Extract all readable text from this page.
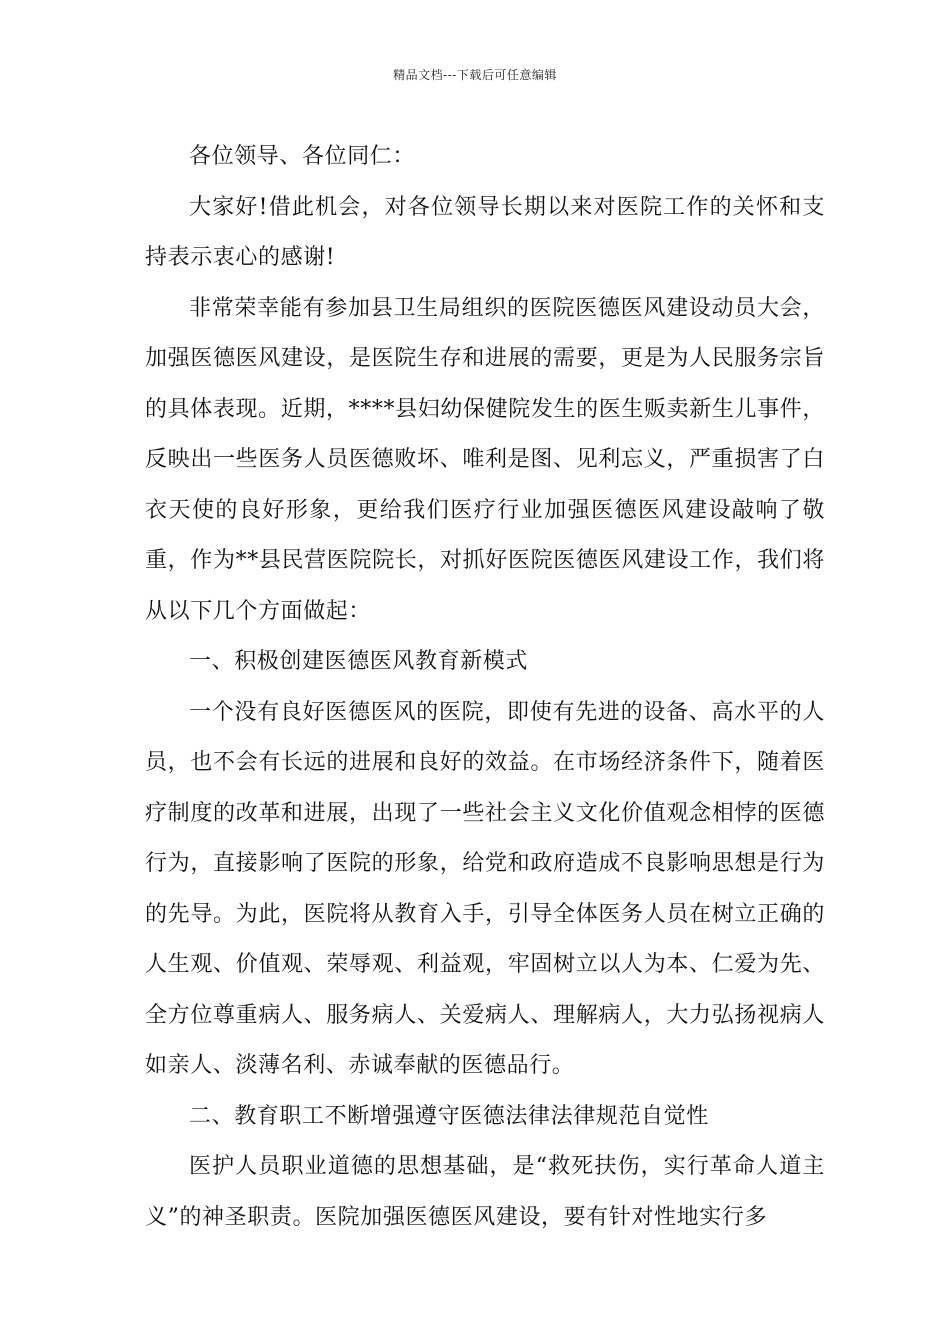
精品文档---下载后可任意编辑

各位领导、各位同仁：

大家好!借此机会，对各位领导长期以来对医院工作的关怀和支持表示衷心的感谢!

非常荣幸能有参加县卫生局组织的医院医德医风建设动员大会，加强医德医风建设，是医院生存和进展的需要，更是为人民服务宗旨的具体表现。近期，****县妇幼保健院发生的医生贩卖新生儿事件，反映出一些医务人员医德败坏、唯利是图、见利忘义，严重损害了白衣天使的良好形象，更给我们医疗行业加强医德医风建设敲响了敬重，作为**县民营医院院长，对抓好医院医德医风建设工作，我们将从以下几个方面做起：

一、积极创建医德医风教育新模式

一个没有良好医德医风的医院，即使有先进的设备、高水平的人员，也不会有长远的进展和良好的效益。在市场经济条件下，随着医疗制度的改革和进展，出现了一些社会主义文化价值观念相悖的医德行为，直接影响了医院的形象，给党和政府造成不良影响思想是行为的先导。为此，医院将从教育入手，引导全体医务人员在树立正确的人生观、价值观、荣辱观、利益观，牢固树立以人为本、仁爱为先、全方位尊重病人、服务病人、关爱病人、理解病人，大力弘扬视病人如亲人、淡薄名利、赤诚奉献的医德品行。

二、教育职工不断增强遵守医德法律法律规范自觉性

医护人员职业道德的思想基础，是“救死扶伤，实行革命人道主义”的神圣职责。医院加强医德医风建设，要有针对性地实行多
